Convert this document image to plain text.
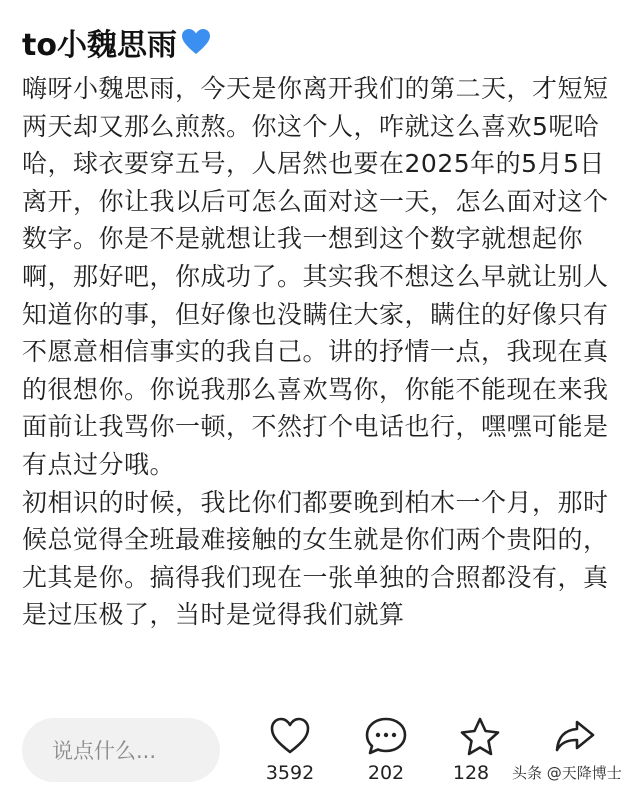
to小魏思雨

嗨呀小魏思雨，今天是你离开我们的第二天，才短短两天却又那么煎熬。你这个人，咋就这么喜欢5呢哈哈，球衣要穿五号，人居然也要在2025年的5月5日离开，你让我以后可怎么面对这一天，怎么面对这个数字。你是不是就想让我一想到这个数字就想起你啊，那好吧，你成功了。其实我不想这么早就让别人知道你的事，但好像也没瞒住大家，瞒住的好像只有不愿意相信事实的我自己。讲的抒情一点，我现在真的很想你。你说我那么喜欢骂你，你能不能现在来我面前让我骂你一顿，不然打个电话也行，嘿嘿可能是有点过分哦。

初相识的时候，我比你们都要晚到柏木一个月，那时候总觉得全班最难接触的女生就是你们两个贵阳的，尤其是你。搞得我们现在一张单独的合照都没有，真是过压极了，当时是觉得我们就算

说点什么...
3592	202	128	头条 @天降博士
